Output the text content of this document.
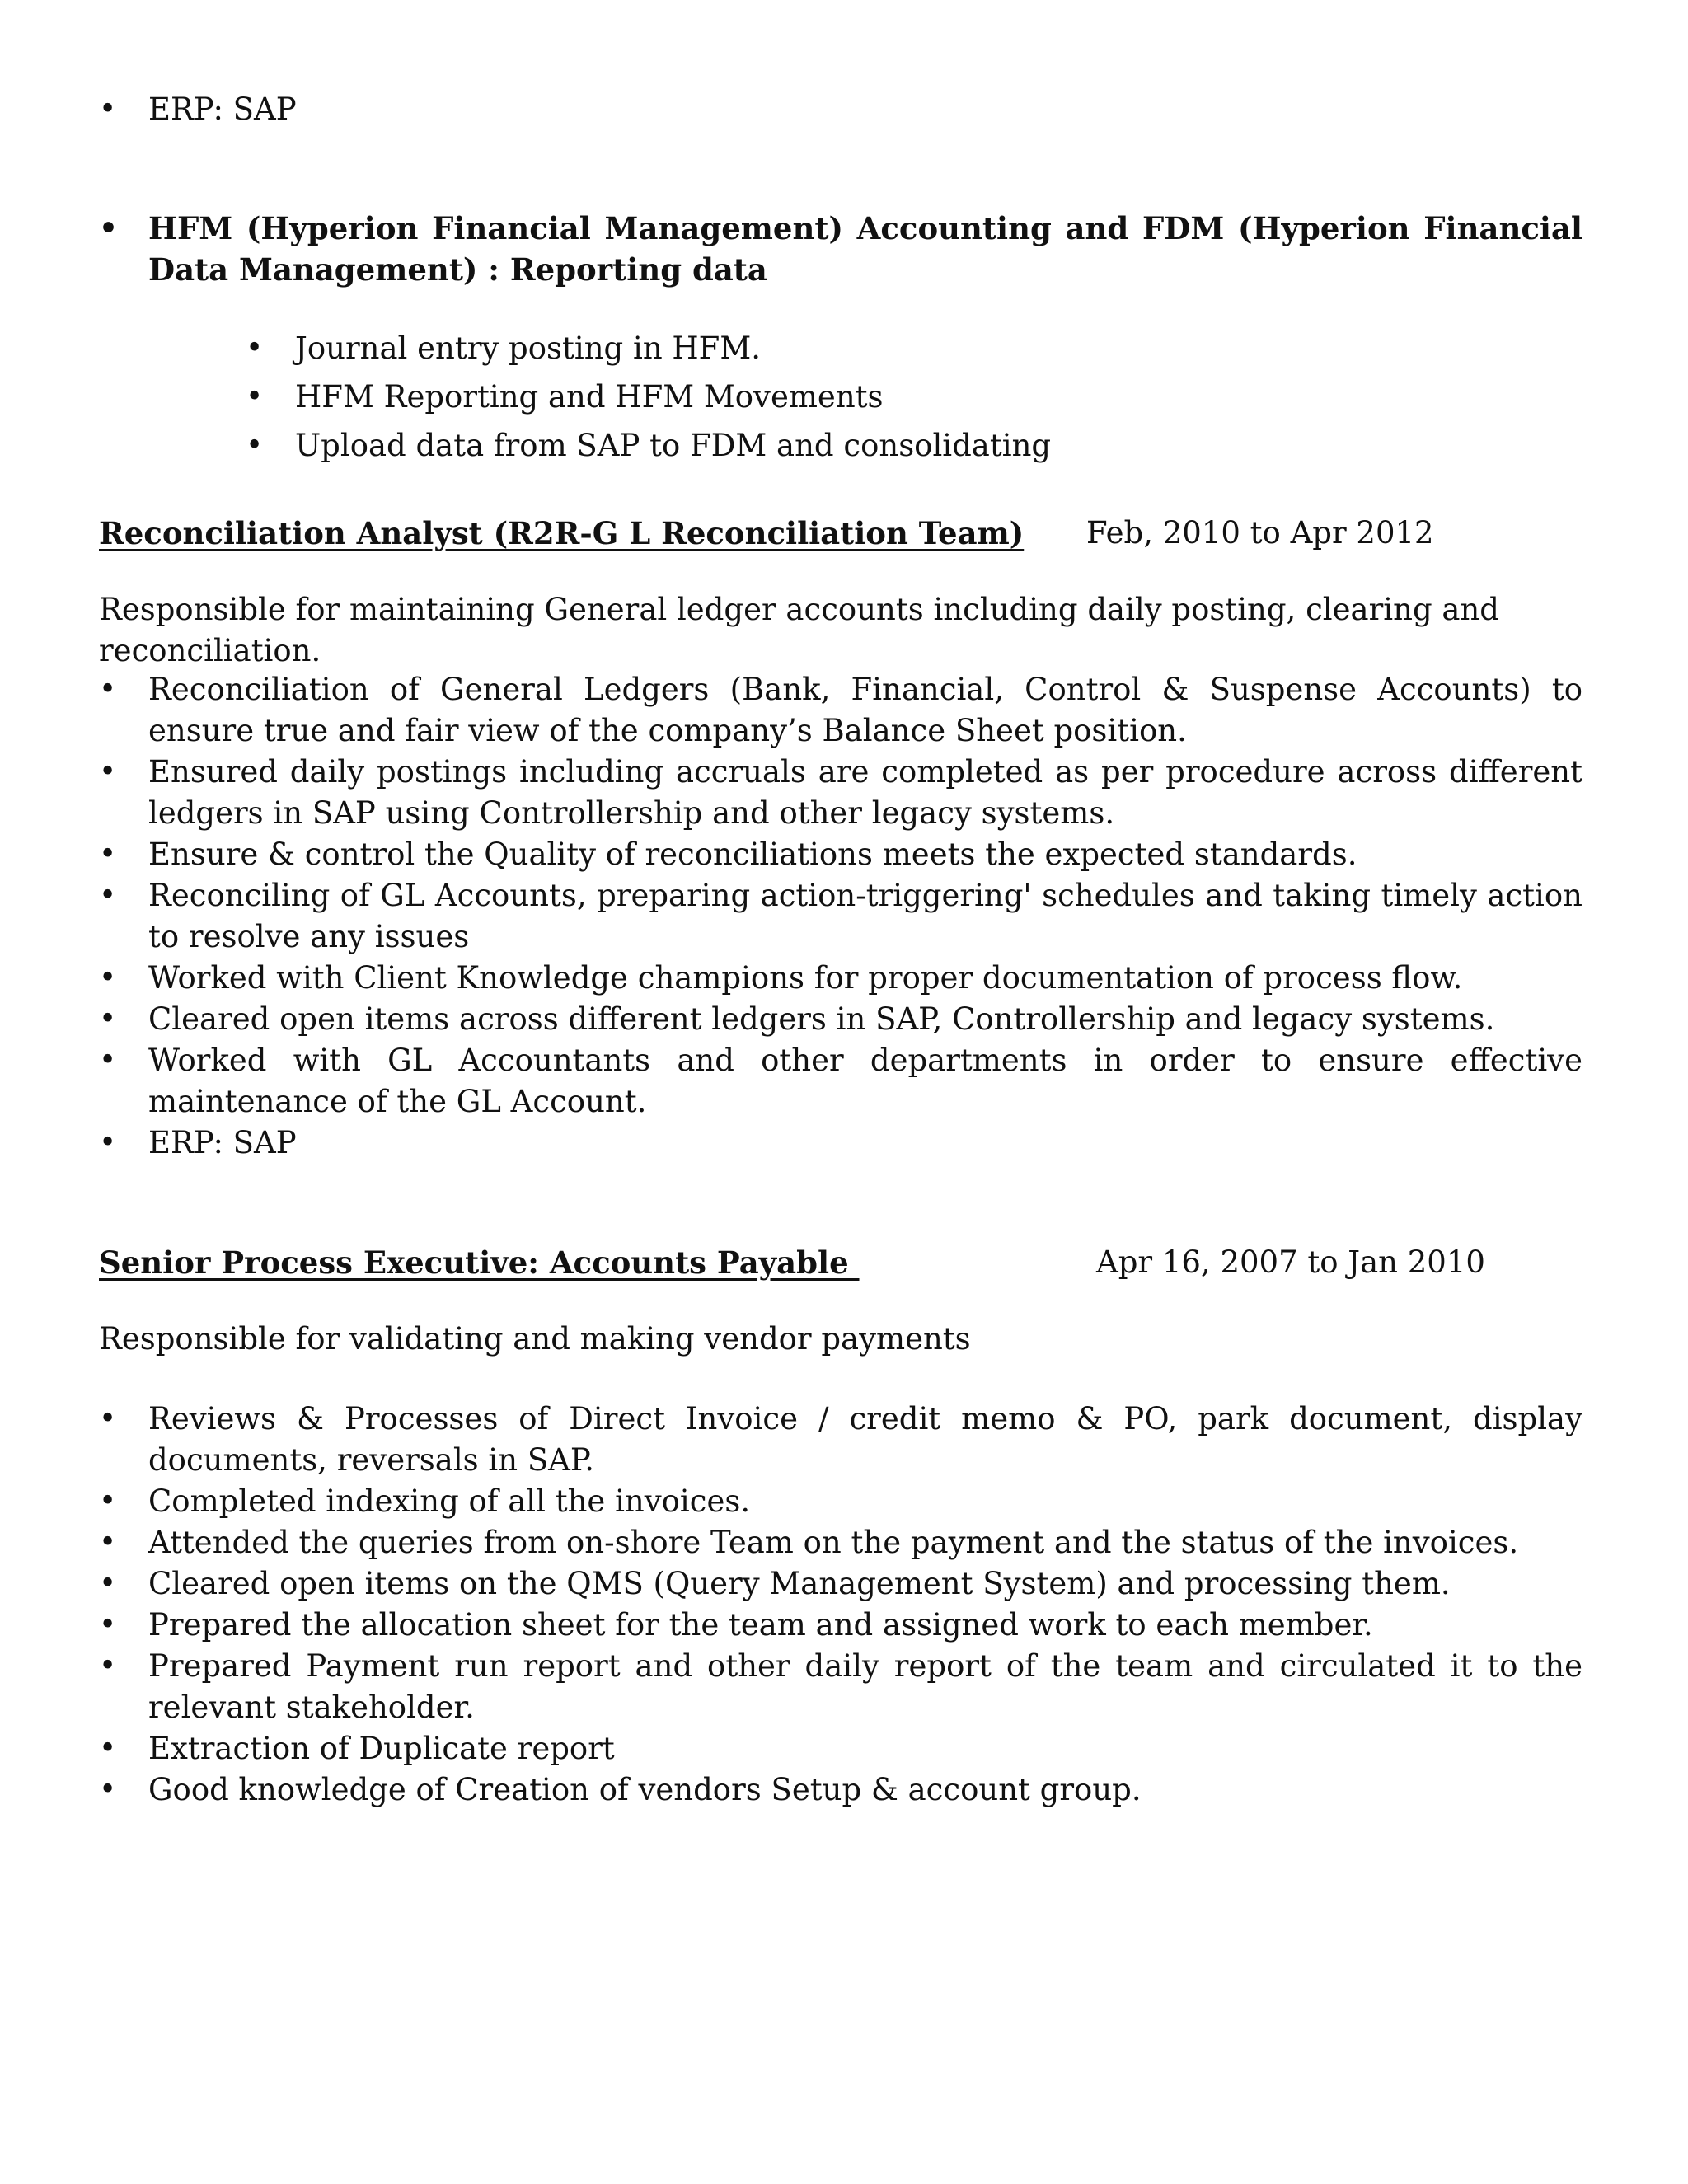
•	ERP: SAP
• HFM (Hyperion Financial Management) Accounting and FDM (Hyperion Financial Data Management) : Reporting data
•	Journal entry posting in HFM.
•	HFM Reporting and HFM Movements
•	Upload data from SAP to FDM and consolidating
Reconciliation Analyst (R2R-G L Reconciliation Team) Feb, 2010 to Apr 2012
Responsible for maintaining General ledger accounts including daily posting, clearing and reconciliation.
•	Reconciliation of General Ledgers (Bank, Financial, Control & Suspense Accounts) to ensure true and fair view of the company’s Balance Sheet position.
•	Ensured daily postings including accruals are completed as per procedure across different ledgers in SAP using Controllership and other legacy systems.
•	Ensure & control the Quality of reconciliations meets the expected standards.
•	Reconciling of GL Accounts, preparing action-triggering' schedules and taking timely action to resolve any issues
•	Worked with Client Knowledge champions for proper documentation of process flow.
•	Cleared open items across different ledgers in SAP, Controllership and legacy systems.
•	Worked with GL Accountants and other departments in order to ensure effective maintenance of the GL Account.
•	ERP: SAP
Senior Process Executive: Accounts Payable	Apr 16, 2007 to Jan 2010
Responsible for validating and making vendor payments
•	Reviews & Processes of Direct Invoice / credit memo & PO, park document, display documents, reversals in SAP.
•	Completed indexing of all the invoices.
•	Attended the queries from on-shore Team on the payment and the status of the invoices.
•	Cleared open items on the QMS (Query Management System) and processing them.
•	Prepared the allocation sheet for the team and assigned work to each member.
•	Prepared Payment run report and other daily report of the team and circulated it to the relevant stakeholder.
•	Extraction of Duplicate report
•	Good knowledge of Creation of vendors Setup & account group.
